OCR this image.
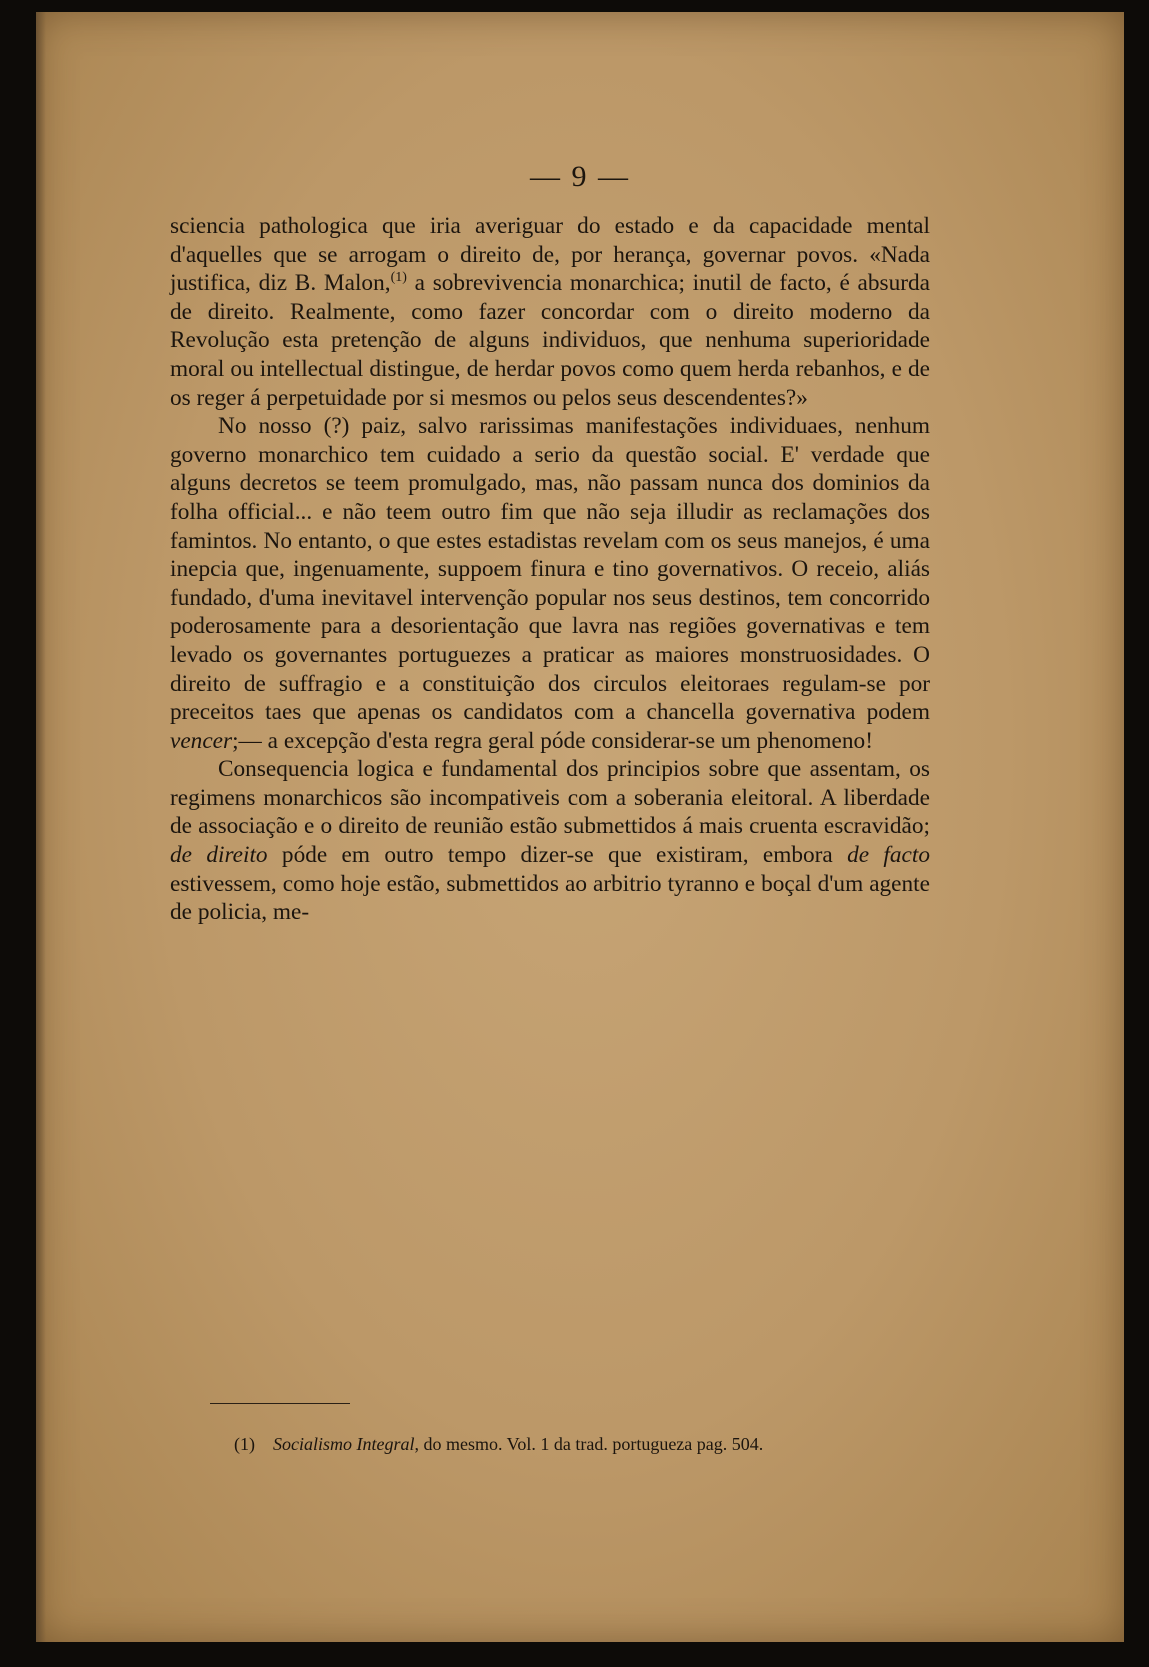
— 9 —

sciencia pathologica que iria averiguar do estado e da capacidade mental d'aquelles que se arrogam o direito de, por herança, governar povos. «Nada justifica, diz B. Malon,$^{(1)}$ a sobrevivencia monarchica; inutil de facto, é absurda de direito. Realmente, como fazer concordar com o direito moderno da Revolução esta pretenção de alguns individuos, que nenhuma superioridade moral ou intellectual distingue, de herdar povos como quem herda rebanhos, e de os reger á perpetuidade por si mesmos ou pelos seus descendentes?»

No nosso (?) paiz, salvo rarissimas manifestações individuaes, nenhum governo monarchico tem cuidado a serio da questão social. E' verdade que alguns decretos se teem promulgado, mas, não passam nunca dos dominios da folha official... e não teem outro fim que não seja illudir as reclamações dos famintos. No entanto, o que estes estadistas revelam com os seus manejos, é uma inepcia que, ingenuamente, suppoem finura e tino governativos. O receio, aliás fundado, d'uma inevitavel intervenção popular nos seus destinos, tem concorrido poderosamente para a desorientação que lavra nas regiões governativas e tem levado os governantes portuguezes a praticar as maiores monstruosidades. O direito de suffragio e a constituição dos circulos eleitoraes regulam-se por preceitos taes que apenas os candidatos com a chancella governativa podem vencer;— a excepção d'esta regra geral póde considerar-se um phenomeno!

Consequencia logica e fundamental dos principios sobre que assentam, os regimens monarchicos são incompativeis com a soberania eleitoral. A liberdade de associação e o direito de reunião estão submettidos á mais cruenta escravidão; de direito póde em outro tempo dizer-se que existiram, embora de facto estivessem, como hoje estão, submettidos ao arbitrio tyranno e boçal d'um agente de policia, me-

(1) Socialismo Integral, do mesmo. Vol. 1 da trad. portugueza pag. 504.
